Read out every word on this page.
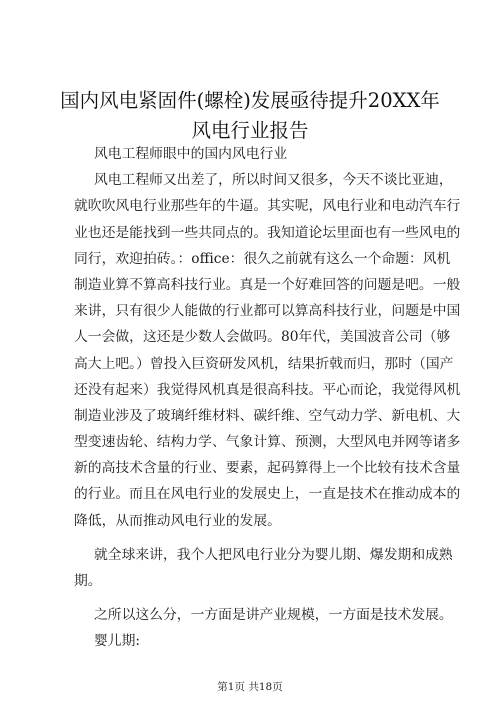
国内风电紧固件(螺栓)发展亟待提升20XX年
风电行业报告
风电工程师眼中的国内风电行业
风电工程师又出差了，所以时间又很多，今天不谈比亚迪，
就吹吹风电行业那些年的牛逼。其实呢，风电行业和电动汽车行
业也还是能找到一些共同点的。我知道论坛里面也有一些风电的
同行，欢迎拍砖。：office：很久之前就有这么一个命题：风机
制造业算不算高科技行业。真是一个好难回答的问题是吧。一般
来讲，只有很少人能做的行业都可以算高科技行业，问题是中国
人一会做，这还是少数人会做吗。80年代，美国波音公司（够
高大上吧。）曾投入巨资研发风机，结果折戟而归，那时（国产
还没有起来）我觉得风机真是很高科技。平心而论，我觉得风机
制造业涉及了玻璃纤维材料、碳纤维、空气动力学、新电机、大
型变速齿轮、结构力学、气象计算、预测，大型风电并网等诸多
新的高技术含量的行业、要素，起码算得上一个比较有技术含量
的行业。而且在风电行业的发展史上，一直是技术在推动成本的
降低，从而推动风电行业的发展。
就全球来讲，我个人把风电行业分为婴儿期、爆发期和成熟
期。
之所以这么分，一方面是讲产业规模，一方面是技术发展。
婴儿期:
第1页 共18页
